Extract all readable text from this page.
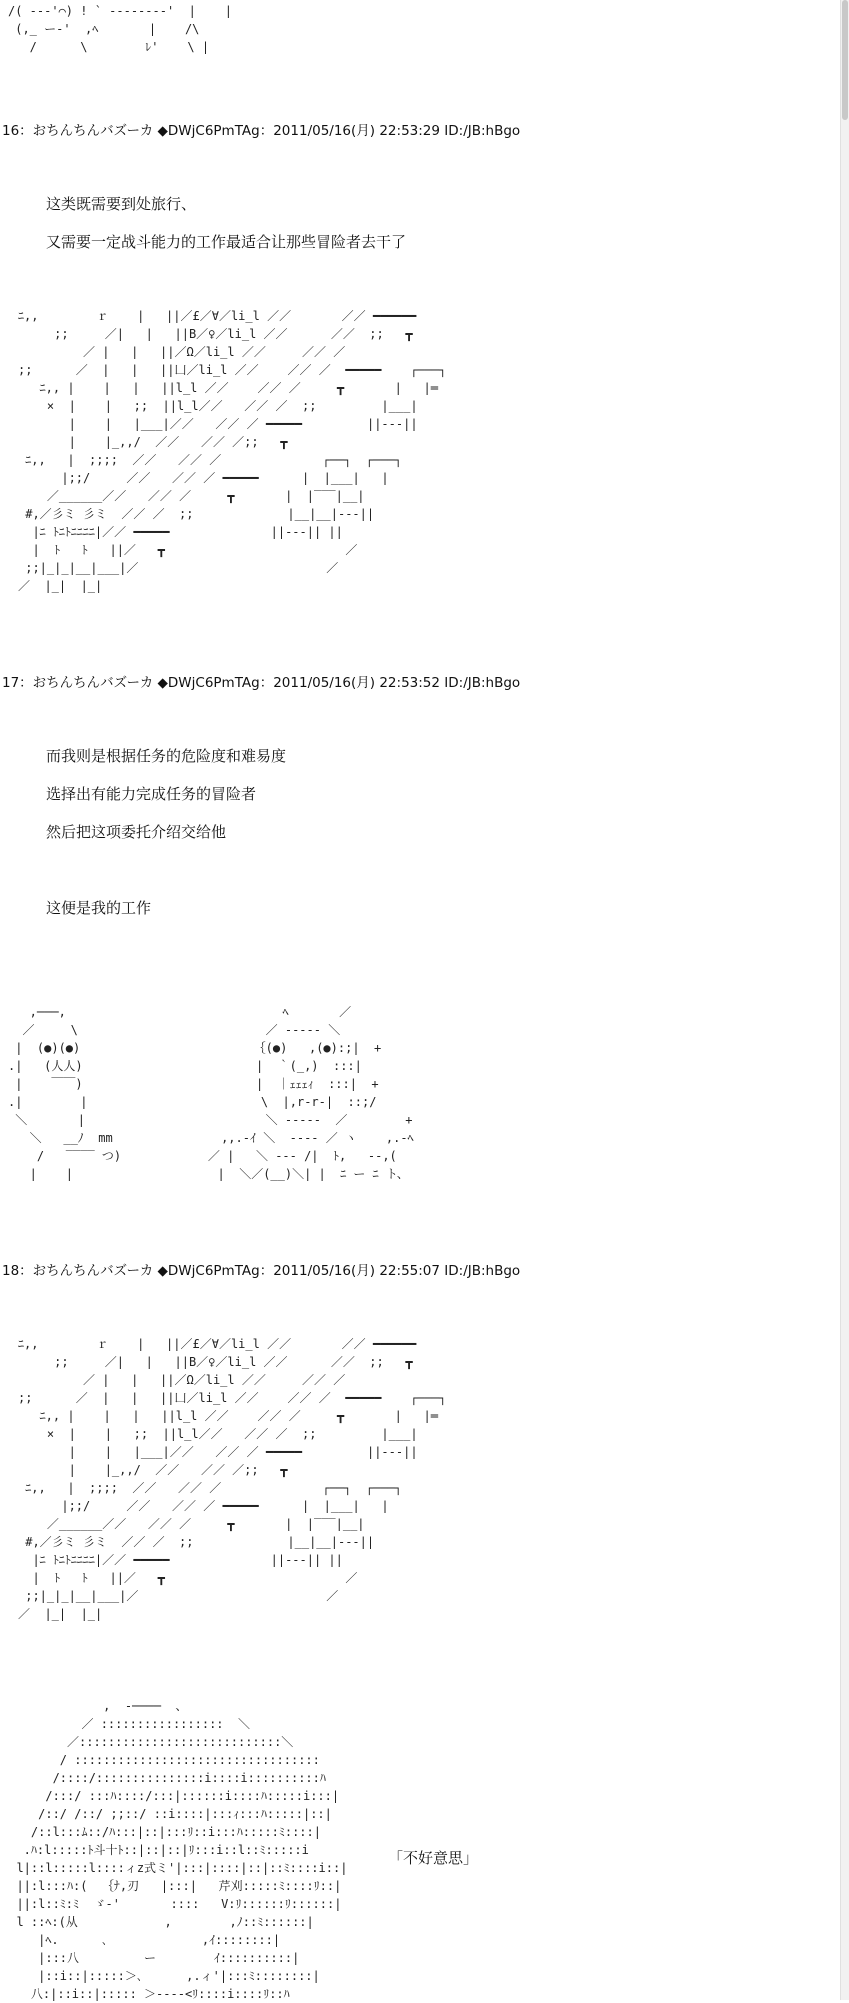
/( ‐-‐'⌒) ! ` ‐‐‐‐‐‐‐‐'  |    |
(,_ ー-'  ,ﾍ       |    /\
/      \        ﾚ'    \ |
16：おちんちんバズーカ ◆DWjC6PmTAg：2011/05/16(月) 22:53:29 ID:/JB:hBgo
这类既需要到处旅行、
又需要一定战斗能力的工作最适合让那些冒险者去干了
ﾆ,,        ｒ    |   ||／£／∀／li_l ／／       ／／ ━━━━━━
;;     ／|   |   ||B／♀／li_l ／／      ／／  ;;   ┳
／ |   |   ||／Ω／li_l ／／     ／／ ／
;;      ／  |   |   ||凵／li_l ／／    ／／ ／  ━━━━━    ┌───┐
ﾆ,, |    |   |   ||l_l ／／    ／／ ／     ┳       |   |═
×  |    |   ;;  ||l_l／／   ／／ ／  ;;         |___|
|    |   |___|／／   ／／ ／ ━━━━━         ||‐‐‐||
|    |_,,/  ／／   ／／ ／;;   ┳
ﾆ,,   |  ;;;;  ／／   ／／ ／              ┌──┐  ┌───┐
|;;/     ／／   ／／ ／ ━━━━━      |  |___|   |
／______／／   ／／ ／     ┳       |  |‾‾‾|__|
#,／彡ミ 彡ミ  ／／ ／  ;;             |__|__|‐‐‐||
|ﾆ ﾄﾆﾄﾆﾆﾆﾆ|／／ ━━━━━              ||‐‐‐|| ||
|  ﾄ   ﾄ   ||／   ┳                         ／
;;|_|_|__|___|／                          ／
／  |_|  |_|
17：おちんちんバズーカ ◆DWjC6PmTAg：2011/05/16(月) 22:53:52 ID:/JB:hBgo
而我则是根据任务的危险度和难易度
选择出有能力完成任务的冒险者
然后把这项委托介绍交给他
这便是我的工作
,───,                              ﾍ       ／
／     \                          ／ ‐‐‐‐‐ ＼
|  (●)(●)                        ｛(●)   ,(●):;|  +
.|   (人人)                        |  ｀(_,)  :::|
|    ￣￣)                        |  ｜ｪｪｪｨ  :::|  +
.|        |                        \  |,r‐r‐|  ::;/
＼       |                         ＼ ‐‐‐‐‐  ／        +
＼   __ﾉ  mm               ,,.‐ｲ ＼  ‐‐‐‐ ／ ヽ    ,.‐ﾍ
/   ‾‾‾‾ つ)            ／ |   ＼ ‐‐‐ /|  ﾄ,   ‐‐,(
|    |                    |  ＼／(__)＼| |  ﾆ ー ﾆ ト、
18：おちんちんバズーカ ◆DWjC6PmTAg：2011/05/16(月) 22:55:07 ID:/JB:hBgo
ﾆ,,        ｒ    |   ||／£／∀／li_l ／／       ／／ ━━━━━━
;;     ／|   |   ||B／♀／li_l ／／      ／／  ;;   ┳
／ |   |   ||／Ω／li_l ／／     ／／ ／
;;      ／  |   |   ||凵／li_l ／／    ／／ ／  ━━━━━    ┌───┐
ﾆ,, |    |   |   ||l_l ／／    ／／ ／     ┳       |   |═
×  |    |   ;;  ||l_l／／   ／／ ／  ;;         |___|
|    |   |___|／／   ／／ ／ ━━━━━         ||‐‐‐||
|    |_,,/  ／／   ／／ ／;;   ┳
ﾆ,,   |  ;;;;  ／／   ／／ ／              ┌──┐  ┌───┐
|;;/     ／／   ／／ ／ ━━━━━      |  |___|   |
／______／／   ／／ ／     ┳       |  |‾‾‾|__|
#,／彡ミ 彡ミ  ／／ ／  ;;             |__|__|‐‐‐||
|ﾆ ﾄﾆﾄﾆﾆﾆﾆ|／／ ━━━━━              ||‐‐‐|| ||
|  ﾄ   ﾄ   ||／   ┳                         ／
;;|_|_|__|___|／                          ／
／  |_|  |_|
,  ‐────  、
／ :::::::::::::::::  ＼
／::::::::::::::::::::::::::::＼
/ ::::::::::::::::::::::::::::::::::
/::::/:::::::::::::::i::::i::::::::::ﾊ
/:::/ :::ﾊ::::/:::|::::::i::::ﾊ:::::i:::|
/::/ /::/ ;;::/ ::i::::|:::ｨ:::ﾊ:::::|::|
/::l:::ﾑ::/ﾊ:::|::|:::ﾘ::i:::ﾊ:::::ﾐ::::|
.ﾊ:l:::::ﾄ斗十ﾄ::|::|::|ﾘ:::i::l::ﾐ:::::i
l|::l:::::l::::ィz式ミ'|:::|::::|::|::ﾐ::::i::|
||:l:::ﾊ:(  ｛ﾅ,刃   |:::|   芹刈:::::ﾐ::::ﾘ::|
||:l::ﾐ:ﾐ  ゞ‐'       ::::   V:ﾘ::::::ﾘ::::::|
l ::ﾍ:(从            ,        ,ﾉ::ﾐ::::::|
|ﾍ.      ､             ,ｲ::::::::|
|:::八         ー        ｲ::::::::::|
|::i::|:::::＞､      ,.ィ'|:::ﾐ::::::::|
八:|::i::|::::: ＞‐‐‐‐<ﾘ::::i::::ﾘ::ﾊ
「不好意思」
